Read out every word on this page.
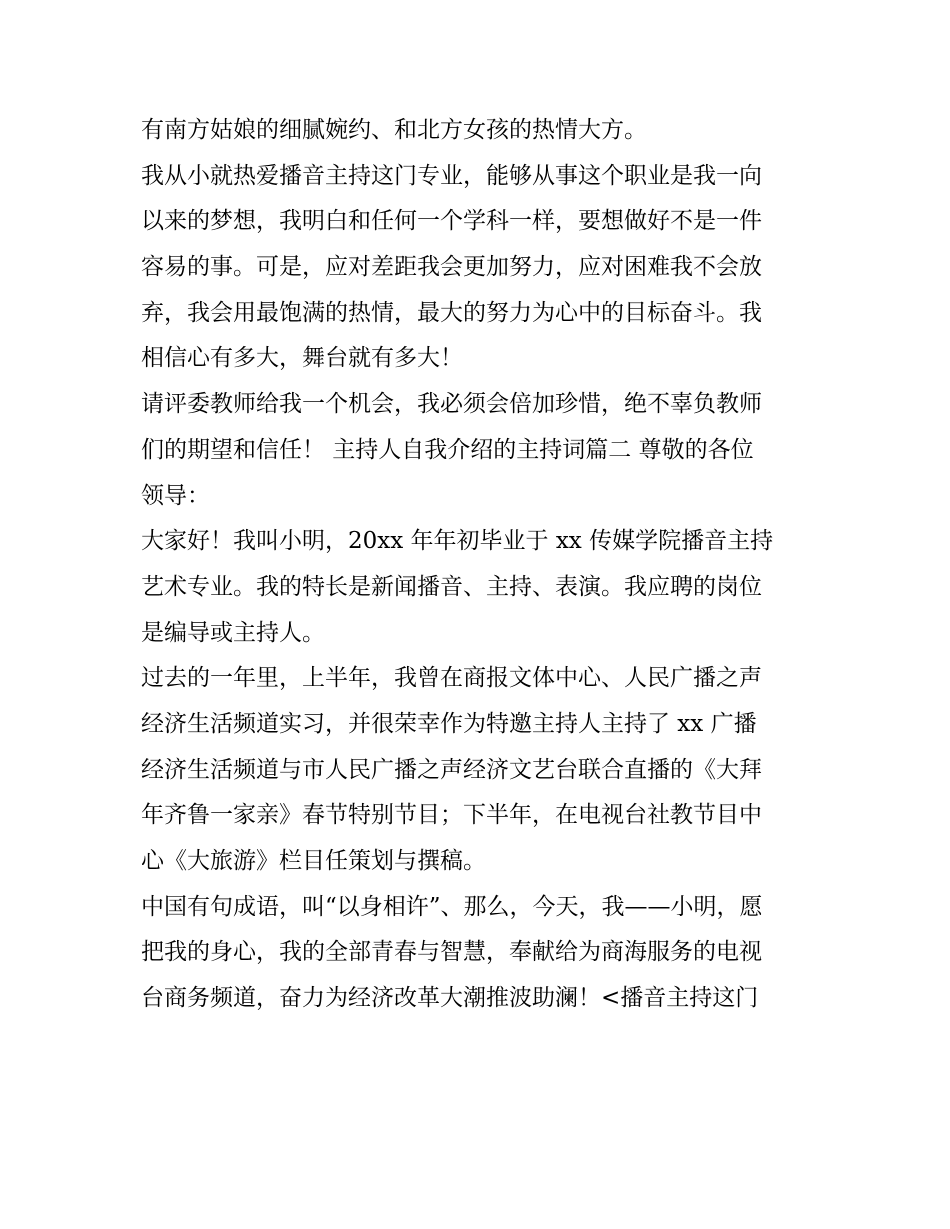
有南方姑娘的细腻婉约、和北方女孩的热情大方。
我从小就热爱播音主持这门专业，能够从事这个职业是我一向
以来的梦想，我明白和任何一个学科一样，要想做好不是一件
容易的事。可是，应对差距我会更加努力，应对困难我不会放
弃，我会用最饱满的热情，最大的努力为心中的目标奋斗。我
相信心有多大，舞台就有多大！
请评委教师给我一个机会，我必须会倍加珍惜，绝不辜负教师
们的期望和信任！ 主持人自我介绍的主持词篇二 尊敬的各位
领导：
大家好！我叫小明，20xx 年年初毕业于 xx 传媒学院播音主持
艺术专业。我的特长是新闻播音、主持、表演。我应聘的岗位
是编导或主持人。
过去的一年里，上半年，我曾在商报文体中心、人民广播之声
经济生活频道实习，并很荣幸作为特邀主持人主持了 xx 广播
经济生活频道与市人民广播之声经济文艺台联合直播的《大拜
年齐鲁一家亲》春节特别节目；下半年，在电视台社教节目中
心《大旅游》栏目任策划与撰稿。
中国有句成语，叫“以身相许”、那么，今天，我——小明，愿
把我的身心，我的全部青春与智慧，奉献给为商海服务的电视
台商务频道，奋力为经济改革大潮推波助澜！<播音主持这门
